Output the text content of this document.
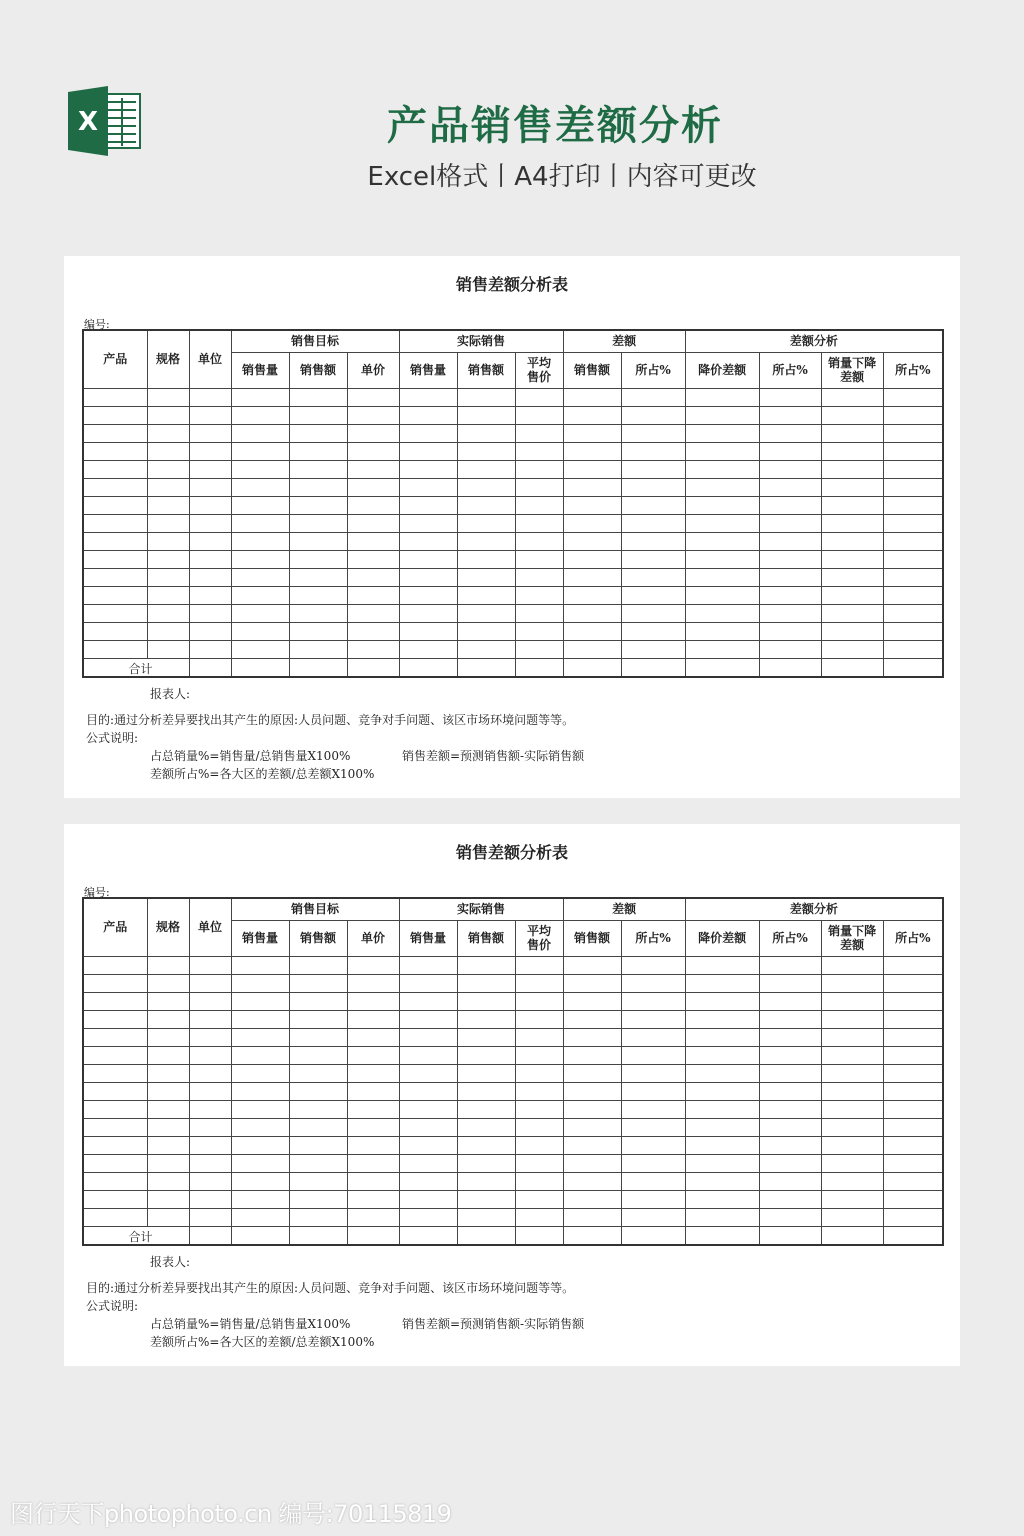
X	产品销售差额分析
Excel格式丨A4打印丨内容可更改
销售差额分析表
编号:
产品	规格	单位	销售目标			实际销售			差额		差额分析			
			销售量	销售额	单价	销售量	销售额	平均售价	销售额	所占%	降价差额	所占%	销量下降差额	所占%

合计														
报表人:
目的:通过分析差异要找出其产生的原因:人员问题、竞争对手问题、该区市场环境问题等等。
公式说明:
占总销量%=销售量/总销售量X100%	销售差额=预测销售额-实际销售额
差额所占%=各大区的差额/总差额X100%
销售差额分析表
编号:
产品	规格	单位	销售目标			实际销售			差额		差额分析			
			销售量	销售额	单价	销售量	销售额	平均售价	销售额	所占%	降价差额	所占%	销量下降差额	所占%

合计														
报表人:
目的:通过分析差异要找出其产生的原因:人员问题、竞争对手问题、该区市场环境问题等等。
公式说明:
占总销量%=销售量/总销售量X100%	销售差额=预测销售额-实际销售额
差额所占%=各大区的差额/总差额X100%
图行天下photophoto.cn 编号:70115819
